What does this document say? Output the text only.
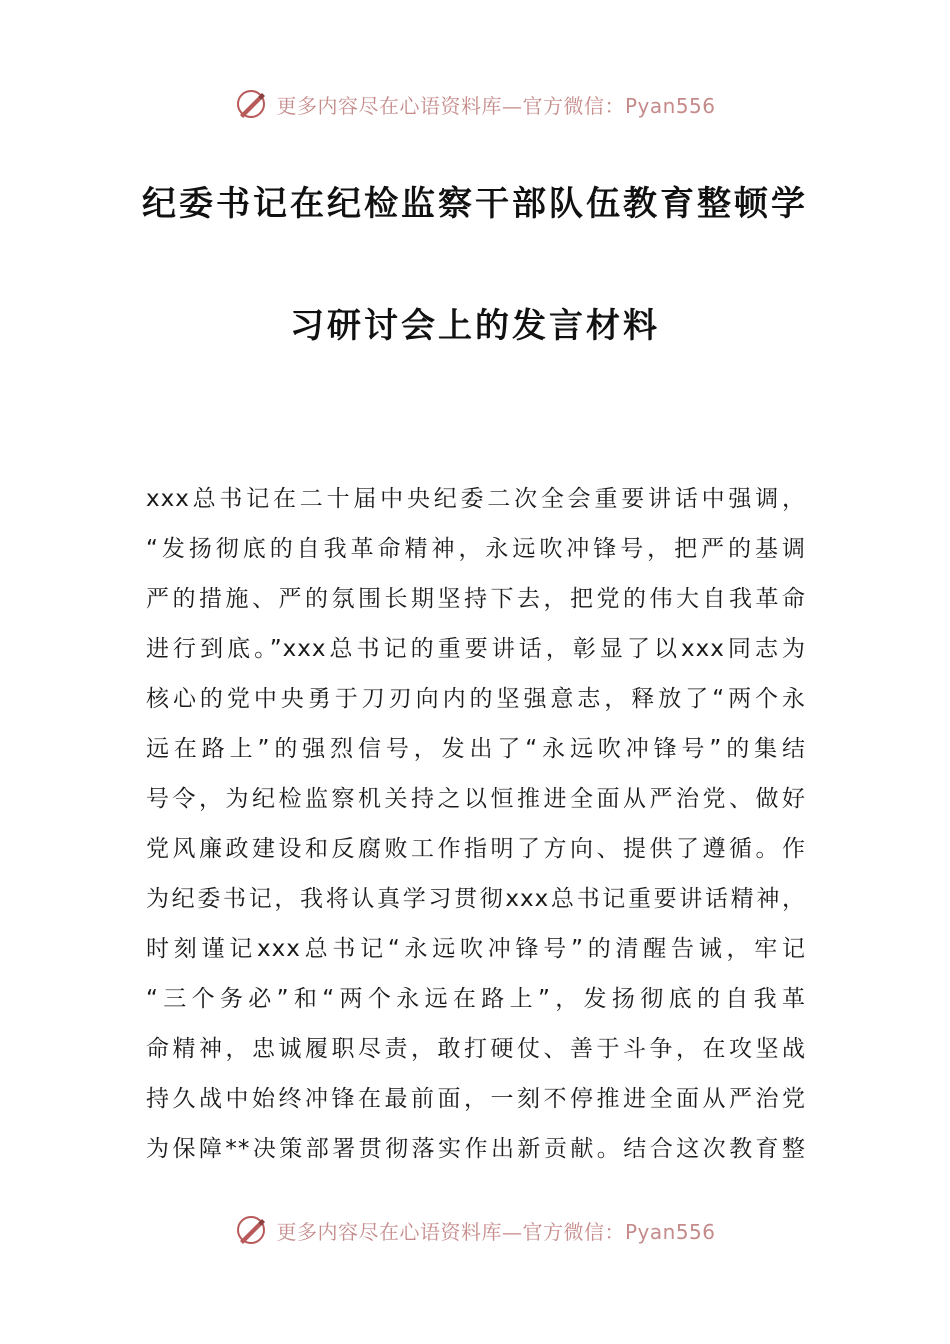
更多内容尽在心语资料库—官方微信：Pyan556
纪委书记在纪检监察干部队伍教育整顿学
习研讨会上的发言材料
xxx总书记在二十届中央纪委二次全会重要讲话中强调，
“发扬彻底的自我革命精神，永远吹冲锋号，把严的基调
严的措施、严的氛围长期坚持下去，把党的伟大自我革命
进行到底。”xxx总书记的重要讲话，彰显了以xxx同志为
核心的党中央勇于刀刃向内的坚强意志，释放了“两个永
远在路上”的强烈信号，发出了“永远吹冲锋号”的集结
号令，为纪检监察机关持之以恒推进全面从严治党、做好
党风廉政建设和反腐败工作指明了方向、提供了遵循。作
为纪委书记，我将认真学习贯彻xxx总书记重要讲话精神，
时刻谨记xxx总书记“永远吹冲锋号”的清醒告诫，牢记
“三个务必”和“两个永远在路上”，发扬彻底的自我革
命精神，忠诚履职尽责，敢打硬仗、善于斗争，在攻坚战
持久战中始终冲锋在最前面，一刻不停推进全面从严治党
为保障**决策部署贯彻落实作出新贡献。结合这次教育整
更多内容尽在心语资料库—官方微信：Pyan556
